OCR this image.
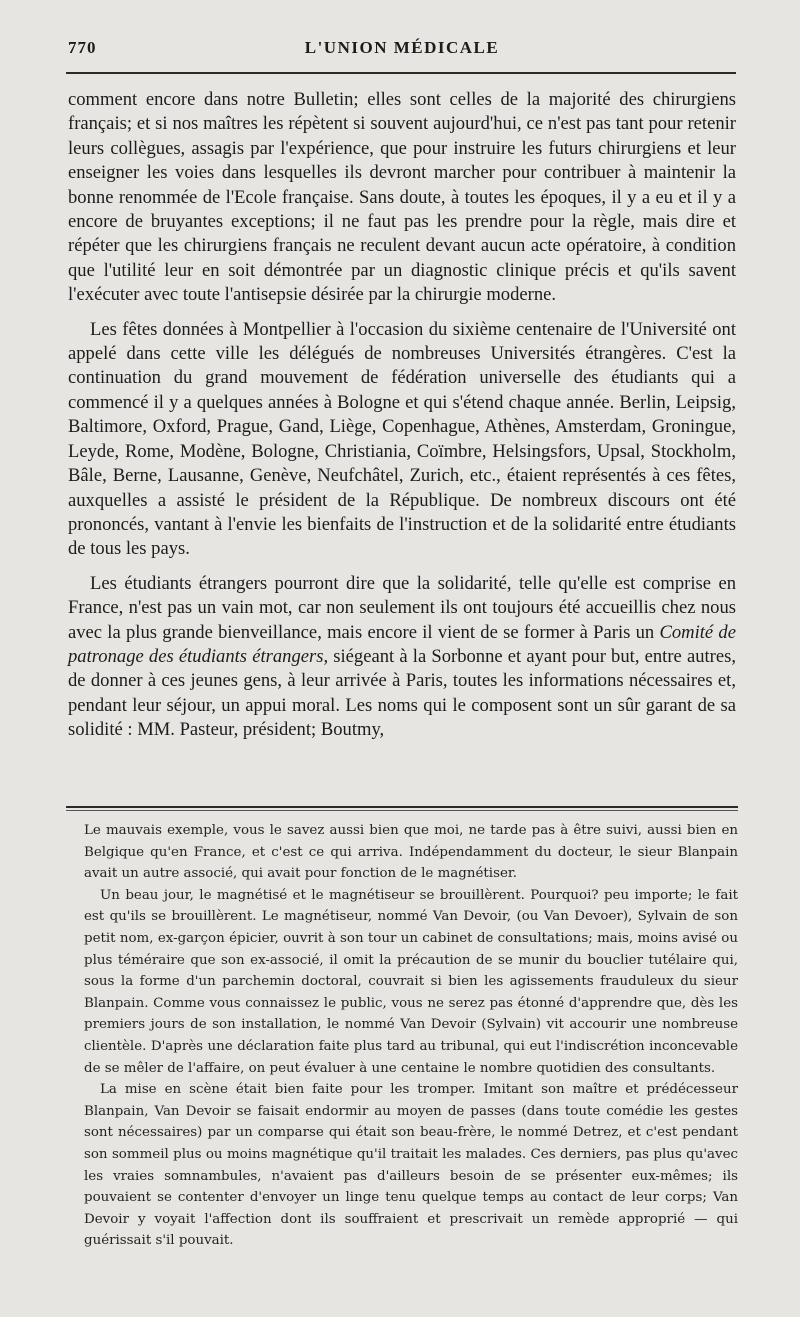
770	L'UNION MÉDICALE

comment encore dans notre Bulletin; elles sont celles de la majorité des chirurgiens français; et si nos maîtres les répètent si souvent aujourd'hui, ce n'est pas tant pour retenir leurs collègues, assagis par l'expérience, que pour instruire les futurs chirurgiens et leur enseigner les voies dans lesquelles ils devront marcher pour contribuer à maintenir la bonne renommée de l'Ecole française. Sans doute, à toutes les époques, il y a eu et il y a encore de bruyantes exceptions; il ne faut pas les prendre pour la règle, mais dire et répéter que les chirurgiens français ne reculent devant aucun acte opératoire, à condition que l'utilité leur en soit démontrée par un diagnostic clinique précis et qu'ils savent l'exécuter avec toute l'antisepsie désirée par la chirurgie moderne.

Les fêtes données à Montpellier à l'occasion du sixième centenaire de l'Université ont appelé dans cette ville les délégués de nombreuses Universités étrangères. C'est la continuation du grand mouvement de fédération universelle des étudiants qui a commencé il y a quelques années à Bologne et qui s'étend chaque année. Berlin, Leipsig, Baltimore, Oxford, Prague, Gand, Liège, Copenhague, Athènes, Amsterdam, Groningue, Leyde, Rome, Modène, Bologne, Christiania, Coïmbre, Helsingsfors, Upsal, Stockholm, Bâle, Berne, Lausanne, Genève, Neufchâtel, Zurich, etc., étaient représentés à ces fêtes, auxquelles a assisté le président de la République. De nombreux discours ont été prononcés, vantant à l'envie les bienfaits de l'instruction et de la solidarité entre étudiants de tous les pays.

Les étudiants étrangers pourront dire que la solidarité, telle qu'elle est comprise en France, n'est pas un vain mot, car non seulement ils ont toujours été accueillis chez nous avec la plus grande bienveillance, mais encore il vient de se former à Paris un Comité de patronage des étudiants étrangers, siégeant à la Sorbonne et ayant pour but, entre autres, de donner à ces jeunes gens, à leur arrivée à Paris, toutes les informations nécessaires et, pendant leur séjour, un appui moral. Les noms qui le composent sont un sûr garant de sa solidité : MM. Pasteur, président; Boutmy,

Le mauvais exemple, vous le savez aussi bien que moi, ne tarde pas à être suivi, aussi bien en Belgique qu'en France, et c'est ce qui arriva. Indépendamment du docteur, le sieur Blanpain avait un autre associé, qui avait pour fonction de le magnétiser.

Un beau jour, le magnétisé et le magnétiseur se brouillèrent. Pourquoi? peu importe; le fait est qu'ils se brouillèrent. Le magnétiseur, nommé Van Devoir, (ou Van Devoer), Sylvain de son petit nom, ex-garçon épicier, ouvrit à son tour un cabinet de consultations; mais, moins avisé ou plus téméraire que son ex-associé, il omit la précaution de se munir du bouclier tutélaire qui, sous la forme d'un parchemin doctoral, couvrait si bien les agissements frauduleux du sieur Blanpain. Comme vous connaissez le public, vous ne serez pas étonné d'apprendre que, dès les premiers jours de son installation, le nommé Van Devoir (Sylvain) vit accourir une nombreuse clientèle. D'après une déclaration faite plus tard au tribunal, qui eut l'indiscrétion inconcevable de se mêler de l'affaire, on peut évaluer à une centaine le nombre quotidien des consultants.

La mise en scène était bien faite pour les tromper. Imitant son maître et prédécesseur Blanpain, Van Devoir se faisait endormir au moyen de passes (dans toute comédie les gestes sont nécessaires) par un comparse qui était son beau-frère, le nommé Detrez, et c'est pendant son sommeil plus ou moins magnétique qu'il traitait les malades. Ces derniers, pas plus qu'avec les vraies somnambules, n'avaient pas d'ailleurs besoin de se présenter eux-mêmes; ils pouvaient se contenter d'envoyer un linge tenu quelque temps au contact de leur corps; Van Devoir y voyait l'affection dont ils souffraient et prescrivait un remède approprié — qui guérissait s'il pouvait.
